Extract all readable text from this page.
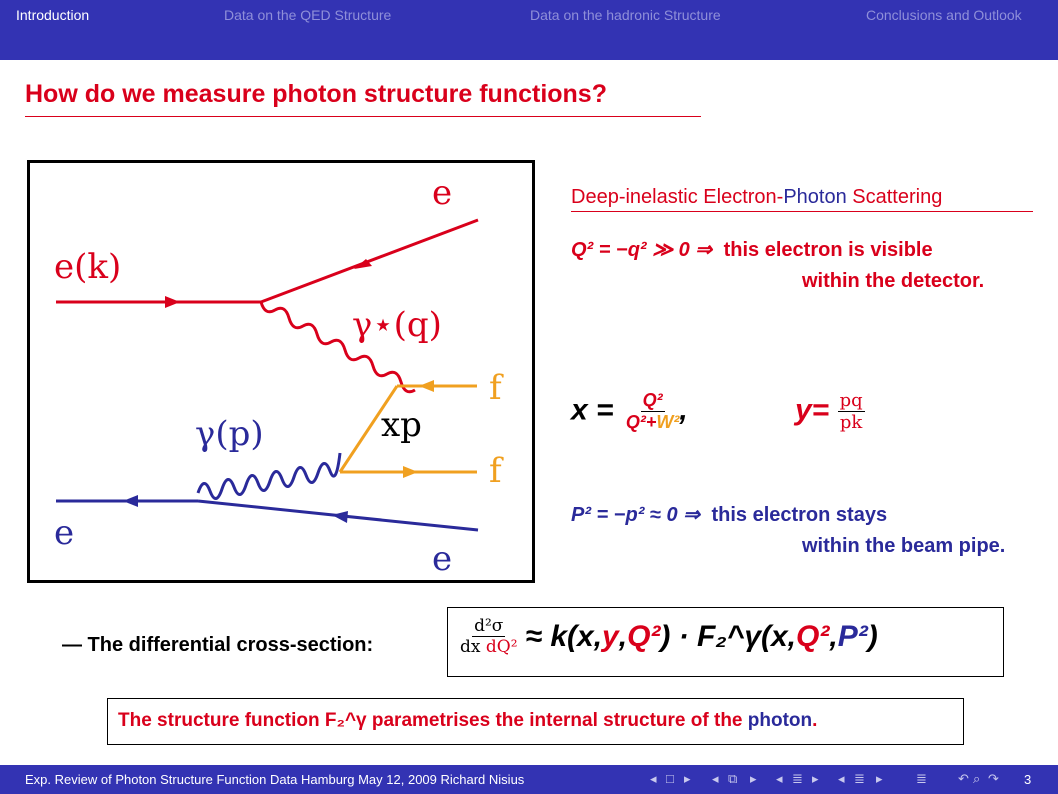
Introduction	Data on the QED Structure	Data on the hadronic Structure	Conclusions and Outlook
How do we measure photon structure functions?
e
e(k)
γ⋆(q)
f
xp
γ(p)
f
e
e
Deep-inelastic Electron-Photon Scattering
Q² = −q² ≫ 0 ⇒ this electron is visible
within the detector.
$x = \frac{\text{Q²}}{\text{Q²+W²}}$ ,	$y= \frac{pq}{pk}$
P² = −p² ≈ 0 ⇒ this electron stays
within the beam pipe.
— The differential cross-section:	$\frac{\text{d²σ}}{\text{dx dQ²}} \approx k(x$, y , Q² ) · F₂^γ(x, Q² , P² )
The structure function F₂^γ parametrises the internal structure of the photon.
Exp. Review of Photon Structure Function Data Hamburg May 12, 2009 Richard Nisius	◂ □ ▸ ◂ ⧉ ▸ ◂ ≣ ▸ ◂ ≣ ▸	≣ ↶ ⌕ ↷ 3
